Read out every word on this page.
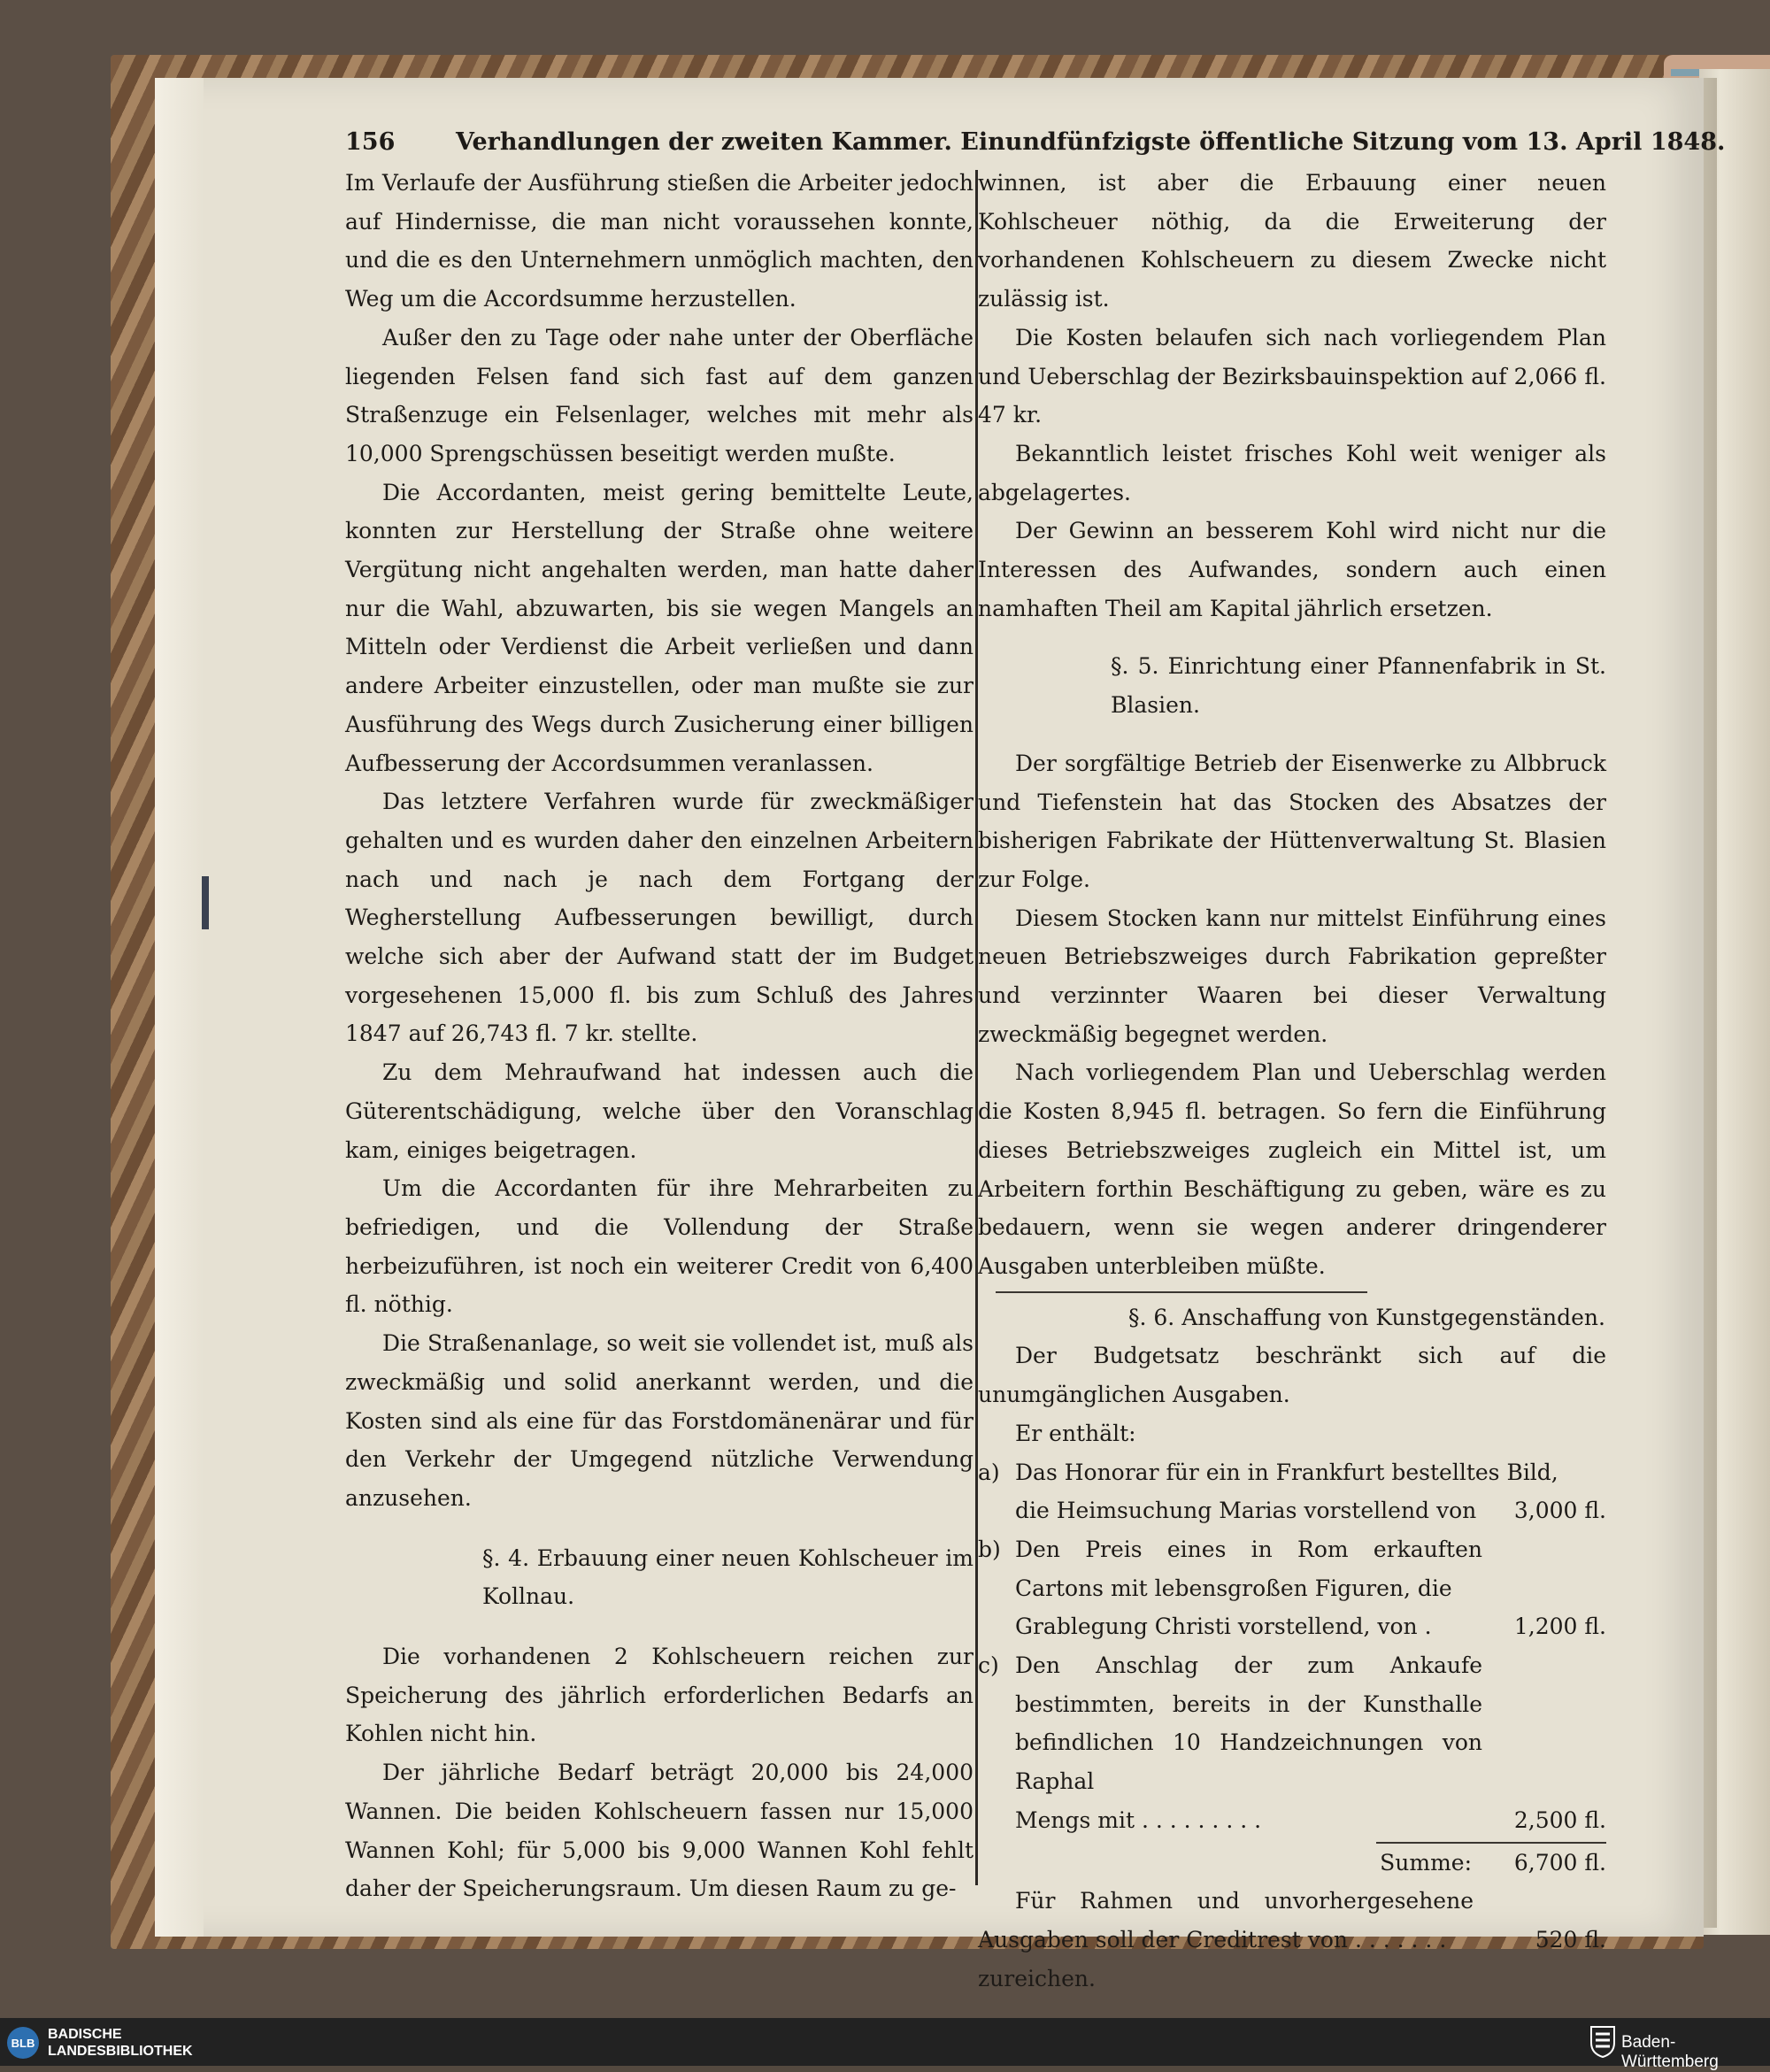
156	Verhandlungen der zweiten Kammer. Einundfünfzigste öffentliche Sitzung vom 13. April 1848.

Im Verlaufe der Ausführung stießen die Arbeiter jedoch auf Hindernisse, die man nicht voraussehen konnte, und die es den Unternehmern unmöglich machten, den Weg um die Accordsumme herzustellen.

Außer den zu Tage oder nahe unter der Oberfläche liegenden Felsen fand sich fast auf dem ganzen Straßenzuge ein Felsenlager, welches mit mehr als 10,000 Sprengschüssen beseitigt werden mußte.

Die Accordanten, meist gering bemittelte Leute, konnten zur Herstellung der Straße ohne weitere Vergütung nicht angehalten werden, man hatte daher nur die Wahl, abzuwarten, bis sie wegen Mangels an Mitteln oder Verdienst die Arbeit verließen und dann andere Arbeiter einzustellen, oder man mußte sie zur Ausführung des Wegs durch Zusicherung einer billigen Aufbesserung der Accordsummen veranlassen.

Das letztere Verfahren wurde für zweckmäßiger gehalten und es wurden daher den einzelnen Arbeitern nach und nach je nach dem Fortgang der Wegherstellung Aufbesserungen bewilligt, durch welche sich aber der Aufwand statt der im Budget vorgesehenen 15,000 fl. bis zum Schluß des Jahres 1847 auf 26,743 fl. 7 kr. stellte.

Zu dem Mehraufwand hat indessen auch die Güterentschädigung, welche über den Voranschlag kam, einiges beigetragen.

Um die Accordanten für ihre Mehrarbeiten zu befriedigen, und die Vollendung der Straße herbeizuführen, ist noch ein weiterer Credit von 6,400 fl. nöthig.

Die Straßenanlage, so weit sie vollendet ist, muß als zweckmäßig und solid anerkannt werden, und die Kosten sind als eine für das Forstdomänenärar und für den Verkehr der Umgegend nützliche Verwendung anzusehen.

§. 4. Erbauung einer neuen Kohlscheuer im Kollnau.

Die vorhandenen 2 Kohlscheuern reichen zur Speicherung des jährlich erforderlichen Bedarfs an Kohlen nicht hin.

Der jährliche Bedarf beträgt 20,000 bis 24,000 Wannen. Die beiden Kohlscheuern fassen nur 15,000 Wannen Kohl; für 5,000 bis 9,000 Wannen Kohl fehlt daher der Speicherungsraum. Um diesen Raum zu ge-

winnen, ist aber die Erbauung einer neuen Kohlscheuer nöthig, da die Erweiterung der vorhandenen Kohlscheuern zu diesem Zwecke nicht zulässig ist.

Die Kosten belaufen sich nach vorliegendem Plan und Ueberschlag der Bezirksbauinspektion auf 2,066 fl. 47 kr.

Bekanntlich leistet frisches Kohl weit weniger als abgelagertes.

Der Gewinn an besserem Kohl wird nicht nur die Interessen des Aufwandes, sondern auch einen namhaften Theil am Kapital jährlich ersetzen.

§. 5. Einrichtung einer Pfannenfabrik in St. Blasien.

Der sorgfältige Betrieb der Eisenwerke zu Albbruck und Tiefenstein hat das Stocken des Absatzes der bisherigen Fabrikate der Hüttenverwaltung St. Blasien zur Folge.

Diesem Stocken kann nur mittelst Einführung eines neuen Betriebszweiges durch Fabrikation gepreßter und verzinnter Waaren bei dieser Verwaltung zweckmäßig begegnet werden.

Nach vorliegendem Plan und Ueberschlag werden die Kosten 8,945 fl. betragen. So fern die Einführung dieses Betriebszweiges zugleich ein Mittel ist, um Arbeitern forthin Beschäftigung zu geben, wäre es zu bedauern, wenn sie wegen anderer dringenderer Ausgaben unterbleiben müßte.

§. 6. Anschaffung von Kunstgegenständen.

Der Budgetsatz beschränkt sich auf die unumgänglichen Ausgaben.

Er enthält:

a) Das Honorar für ein in Frankfurt bestelltes Bild,
die Heimsuchung Marias vorstellend von	3,000 fl.
b) Den Preis eines in Rom erkauften Cartons mit lebensgroßen Figuren, die
Grablegung Christi vorstellend, von .	1,200 fl.
c) Den Anschlag der zum Ankaufe bestimmten, bereits in der Kunsthalle befindlichen 10 Handzeichnungen von Raphal
Mengs mit . . . . . . . . .	2,500 fl.
Summe:	6,700 fl.
Für Rahmen und unvorhergesehene Ausgaben soll der Creditrest von . . . . . . .	520 fl.
zureichen.
BLB
BADISCHE
LANDESBIBLIOTHEK	Baden-Württemberg
